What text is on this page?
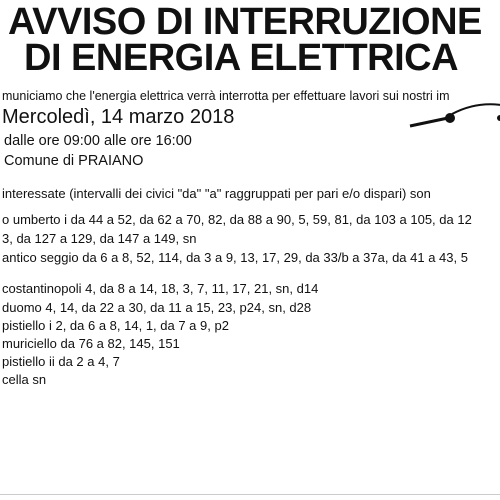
AVVISO DI INTERRUZIONE
DI ENERGIA ELETTRICA
municiamo che l'energia elettrica verrà interrotta per effettuare lavori sui nostri im
Mercoledì, 14 marzo 2018
dalle ore 09:00 alle ore 16:00
Comune di PRAIANO
interessate (intervalli dei civici "da" "a" raggruppati per pari e/o dispari) son
o umberto i da 44 a 52, da 62 a 70, 82, da 88 a 90, 5, 59, 81, da 103 a 105, da 12
3, da 127 a 129, da 147 a 149, sn
antico seggio da 6 a 8, 52, 114, da 3 a 9, 13, 17, 29, da 33/b a 37a, da 41 a 43, 5
costantinopoli 4, da 8 a 14, 18, 3, 7, 11, 17, 21, sn, d14
duomo 4, 14, da 22 a 30, da 11 a 15, 23, p24, sn, d28
pistiello i 2, da 6 a 8, 14, 1, da 7 a 9, p2
muriciello da 76 a 82, 145, 151
pistiello ii da 2 a 4, 7
cella sn
